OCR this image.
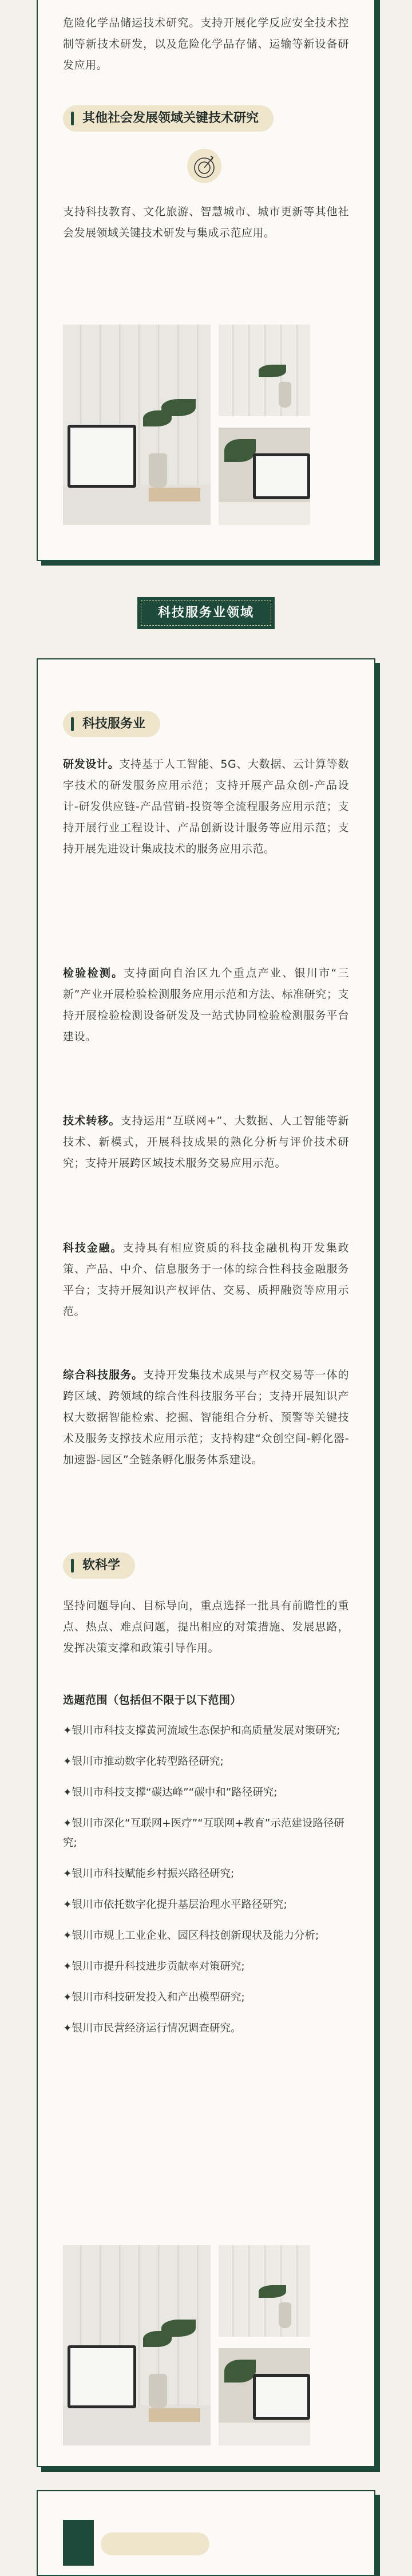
危险化学品储运技术研究。支持开展化学反应安全技术控制等新技术研发，以及危险化学品存储、运输等新设备研发应用。

其他社会发展领域关键技术研究

支持科技教育、文化旅游、智慧城市、城市更新等其他社会发展领域关键技术研发与集成示范应用。

科技服务业领域
科技服务业

研发设计。支持基于人工智能、5G、大数据、云计算等数字技术的研发服务应用示范；支持开展产品众创-产品设计-研发供应链-产品营销-投资等全流程服务应用示范；支持开展行业工程设计、产品创新设计服务等应用示范；支持开展先进设计集成技术的服务应用示范。

检验检测。支持面向自治区九个重点产业、银川市“三新”产业开展检验检测服务应用示范和方法、标准研究；支持开展检验检测设备研发及一站式协同检验检测服务平台建设。

技术转移。支持运用“互联网+”、大数据、人工智能等新技术、新模式，开展科技成果的熟化分析与评价技术研究；支持开展跨区域技术服务交易应用示范。

科技金融。支持具有相应资质的科技金融机构开发集政策、产品、中介、信息服务于一体的综合性科技金融服务平台；支持开展知识产权评估、交易、质押融资等应用示范。

综合科技服务。支持开发集技术成果与产权交易等一体的跨区域、跨领域的综合性科技服务平台；支持开展知识产权大数据智能检索、挖掘、智能组合分析、预警等关键技术及服务支撑技术应用示范；支持构建“众创空间-孵化器-加速器-园区”全链条孵化服务体系建设。

软科学

坚持问题导向、目标导向，重点选择一批具有前瞻性的重点、热点、难点问题，提出相应的对策措施、发展思路，发挥决策支撑和政策引导作用。

选题范围（包括但不限于以下范围）

✦银川市科技支撑黄河流域生态保护和高质量发展对策研究;

✦银川市推动数字化转型路径研究;

✦银川市科技支撑“碳达峰”“碳中和”路径研究;

✦银川市深化“互联网+医疗”“互联网+教育”示范建设路径研究;

✦银川市科技赋能乡村振兴路径研究;

✦银川市依托数字化提升基层治理水平路径研究;

✦银川市规上工业企业、园区科技创新现状及能力分析;

✦银川市提升科技进步贡献率对策研究;

✦银川市科技研发投入和产出模型研究;

✦银川市民营经济运行情况调查研究。
